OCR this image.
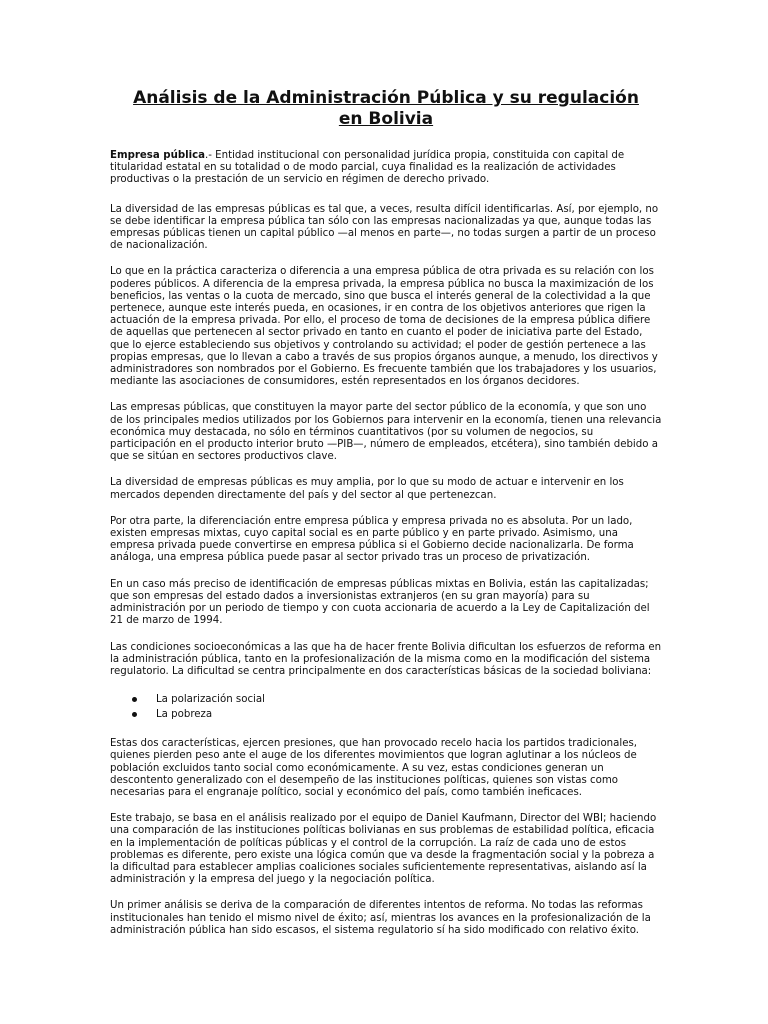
Análisis de la Administración Pública y su regulación
en Bolivia

Empresa pública.- Entidad institucional con personalidad jurídica propia, constituida con capital de titularidad estatal en su totalidad o de modo parcial, cuya finalidad es la realización de actividades productivas o la prestación de un servicio en régimen de derecho privado.

La diversidad de las empresas públicas es tal que, a veces, resulta difícil identificarlas. Así, por ejemplo, no se debe identificar la empresa pública tan sólo con las empresas nacionalizadas ya que, aunque todas las empresas públicas tienen un capital público —al menos en parte—, no todas surgen a partir de un proceso de nacionalización.

Lo que en la práctica caracteriza o diferencia a una empresa pública de otra privada es su relación con los poderes públicos. A diferencia de la empresa privada, la empresa pública no busca la maximización de los beneficios, las ventas o la cuota de mercado, sino que busca el interés general de la colectividad a la que pertenece, aunque este interés pueda, en ocasiones, ir en contra de los objetivos anteriores que rigen la actuación de la empresa privada. Por ello, el proceso de toma de decisiones de la empresa pública difiere de aquellas que pertenecen al sector privado en tanto en cuanto el poder de iniciativa parte del Estado, que lo ejerce estableciendo sus objetivos y controlando su actividad; el poder de gestión pertenece a las propias empresas, que lo llevan a cabo a través de sus propios órganos aunque, a menudo, los directivos y administradores son nombrados por el Gobierno. Es frecuente también que los trabajadores y los usuarios, mediante las asociaciones de consumidores, estén representados en los órganos decidores.

Las empresas públicas, que constituyen la mayor parte del sector público de la economía, y que son uno de los principales medios utilizados por los Gobiernos para intervenir en la economía, tienen una relevancia económica muy destacada, no sólo en términos cuantitativos (por su volumen de negocios, su participación en el producto interior bruto —PIB—, número de empleados, etcétera), sino también debido a que se sitúan en sectores productivos clave.

La diversidad de empresas públicas es muy amplia, por lo que su modo de actuar e intervenir en los mercados dependen directamente del país y del sector al que pertenezcan.

Por otra parte, la diferenciación entre empresa pública y empresa privada no es absoluta. Por un lado, existen empresas mixtas, cuyo capital social es en parte público y en parte privado. Asimismo, una empresa privada puede convertirse en empresa pública si el Gobierno decide nacionalizarla. De forma análoga, una empresa pública puede pasar al sector privado tras un proceso de privatización.

En un caso más preciso de identificación de empresas públicas mixtas en Bolivia, están las capitalizadas; que son empresas del estado dados a inversionistas extranjeros (en su gran mayoría) para su administración por un periodo de tiempo y con cuota accionaria de acuerdo a la Ley de Capitalización del 21 de marzo de 1994.

Las condiciones socioeconómicas a las que ha de hacer frente Bolivia dificultan los esfuerzos de reforma en la administración pública, tanto en la profesionalización de la misma como en la modificación del sistema regulatorio. La dificultad se centra principalmente en dos características básicas de la sociedad boliviana:

La polarización social
La pobreza

Estas dos características, ejercen presiones, que han provocado recelo hacia los partidos tradicionales, quienes pierden peso ante el auge de los diferentes movimientos que logran aglutinar a los núcleos de población excluidos tanto social como económicamente. A su vez, estas condiciones generan un descontento generalizado con el desempeño de las instituciones políticas, quienes son vistas como necesarias para el engranaje político, social y económico del país, como también ineficaces.

Este trabajo, se basa en el análisis realizado por el equipo de Daniel Kaufmann, Director del WBI; haciendo una comparación de las instituciones políticas bolivianas en sus problemas de estabilidad política, eficacia en la implementación de políticas públicas y el control de la corrupción. La raíz de cada uno de estos problemas es diferente, pero existe una lógica común que va desde la fragmentación social y la pobreza a la dificultad para establecer amplias coaliciones sociales suficientemente representativas, aislando así la administración y la empresa del juego y la negociación política.

Un primer análisis se deriva de la comparación de diferentes intentos de reforma. No todas las reformas institucionales han tenido el mismo nivel de éxito; así, mientras los avances en la profesionalización de la administración pública han sido escasos, el sistema regulatorio sí ha sido modificado con relativo éxito.
